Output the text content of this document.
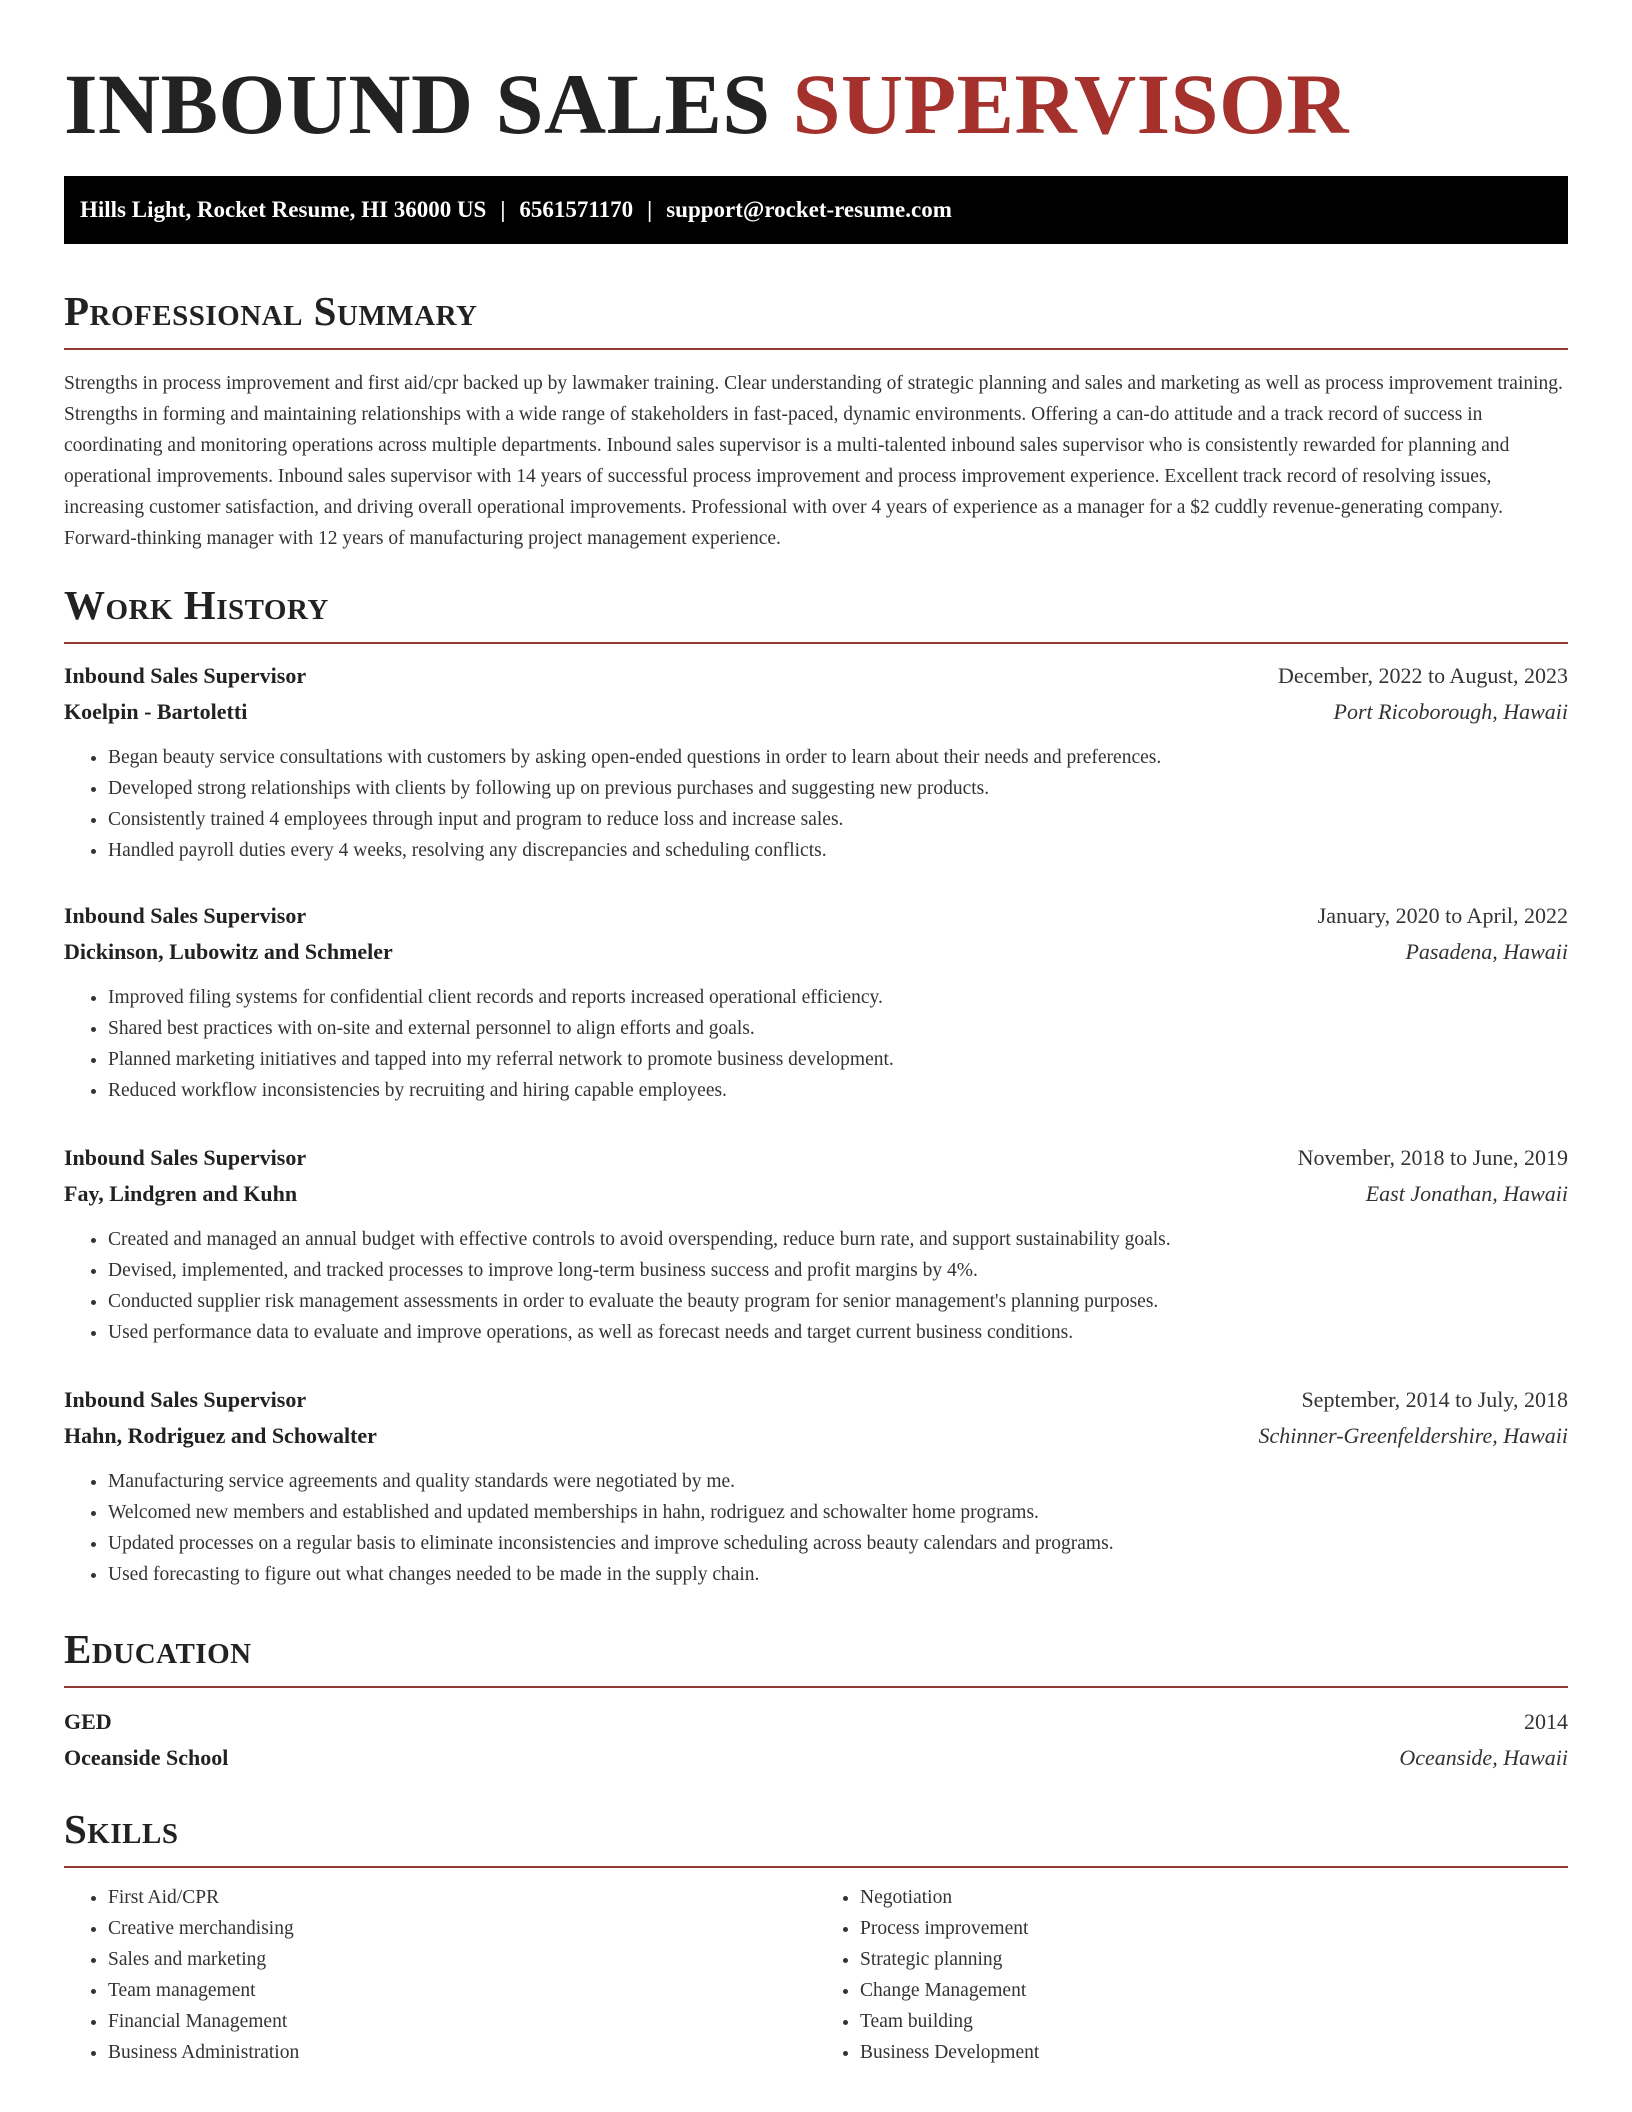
INBOUND SALES SUPERVISOR
Hills Light, Rocket Resume, HI 36000 US | 6561571170 | support@rocket-resume.com
Professional Summary

Strengths in process improvement and first aid/cpr backed up by lawmaker training. Clear understanding of strategic planning and sales and marketing as well as process improvement training. Strengths in forming and maintaining relationships with a wide range of stakeholders in fast-paced, dynamic environments. Offering a can-do attitude and a track record of success in coordinating and monitoring operations across multiple departments. Inbound sales supervisor is a multi-talented inbound sales supervisor who is consistently rewarded for planning and operational improvements. Inbound sales supervisor with 14 years of successful process improvement and process improvement experience. Excellent track record of resolving issues, increasing customer satisfaction, and driving overall operational improvements. Professional with over 4 years of experience as a manager for a $2 cuddly revenue-generating company. Forward-thinking manager with 12 years of manufacturing project management experience.

Work History
Inbound Sales Supervisor	December, 2022 to August, 2023
Koelpin - Bartoletti	Port Ricoborough, Hawaii
• Began beauty service consultations with customers by asking open-ended questions in order to learn about their needs and preferences.
• Developed strong relationships with clients by following up on previous purchases and suggesting new products.
• Consistently trained 4 employees through input and program to reduce loss and increase sales.
• Handled payroll duties every 4 weeks, resolving any discrepancies and scheduling conflicts.
Inbound Sales Supervisor	January, 2020 to April, 2022
Dickinson, Lubowitz and Schmeler	Pasadena, Hawaii
• Improved filing systems for confidential client records and reports increased operational efficiency.
• Shared best practices with on-site and external personnel to align efforts and goals.
• Planned marketing initiatives and tapped into my referral network to promote business development.
• Reduced workflow inconsistencies by recruiting and hiring capable employees.
Inbound Sales Supervisor	November, 2018 to June, 2019
Fay, Lindgren and Kuhn	East Jonathan, Hawaii
• Created and managed an annual budget with effective controls to avoid overspending, reduce burn rate, and support sustainability goals.
• Devised, implemented, and tracked processes to improve long-term business success and profit margins by 4%.
• Conducted supplier risk management assessments in order to evaluate the beauty program for senior management's planning purposes.
• Used performance data to evaluate and improve operations, as well as forecast needs and target current business conditions.
Inbound Sales Supervisor	September, 2014 to July, 2018
Hahn, Rodriguez and Schowalter	Schinner-Greenfeldershire, Hawaii
• Manufacturing service agreements and quality standards were negotiated by me.
• Welcomed new members and established and updated memberships in hahn, rodriguez and schowalter home programs.
• Updated processes on a regular basis to eliminate inconsistencies and improve scheduling across beauty calendars and programs.
• Used forecasting to figure out what changes needed to be made in the supply chain.
Education
GED	2014
Oceanside School	Oceanside, Hawaii
Skills
• First Aid/CPR
• Creative merchandising
• Sales and marketing
• Team management
• Financial Management
• Business Administration
• Negotiation
• Process improvement
• Strategic planning
• Change Management
• Team building
• Business Development
